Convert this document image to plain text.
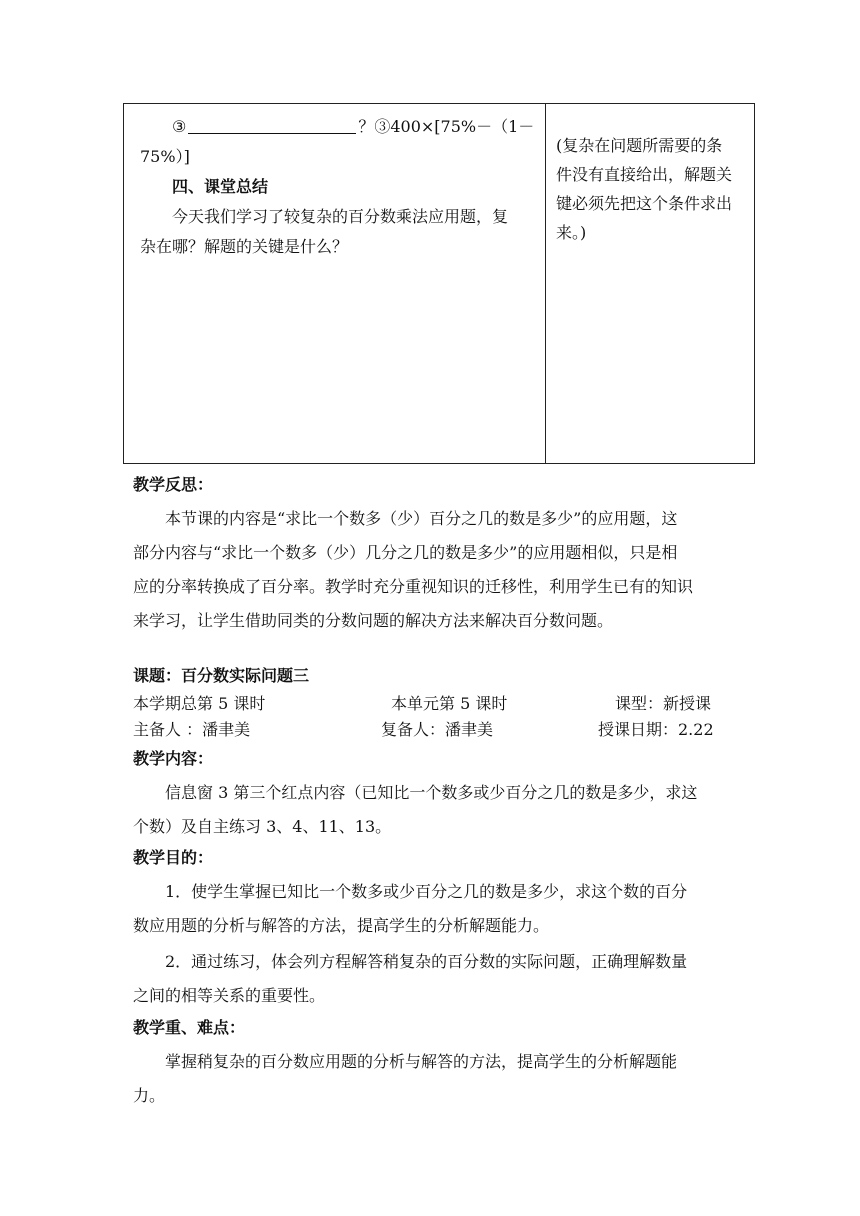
③	？③400×[75%－（1－
75%）]
四、课堂总结
今天我们学习了较复杂的百分数乘法应用题，复
杂在哪？解题的关键是什么？
(复杂在问题所需要的条
件没有直接给出，解题关
键必须先把这个条件求出
来。)
教学反思：
本节课的内容是“求比一个数多（少）百分之几的数是多少”的应用题，这
部分内容与“求比一个数多（少）几分之几的数是多少”的应用题相似，只是相
应的分率转换成了百分率。教学时充分重视知识的迁移性，利用学生已有的知识
来学习，让学生借助同类的分数问题的解决方法来解决百分数问题。
课题：百分数实际问题三
本学期总第 5 课时	本单元第 5 课时	课型：新授课
主备人 ：潘聿美	复备人：潘聿美	授课日期：2.22
教学内容：
信息窗 3 第三个红点内容（已知比一个数多或少百分之几的数是多少，求这
个数）及自主练习 3、4、11、13。
教学目的：
1．使学生掌握已知比一个数多或少百分之几的数是多少，求这个数的百分
数应用题的分析与解答的方法，提高学生的分析解题能力。
2．通过练习，体会列方程解答稍复杂的百分数的实际问题，正确理解数量
之间的相等关系的重要性。
教学重、难点：
掌握稍复杂的百分数应用题的分析与解答的方法，提高学生的分析解题能
力。
